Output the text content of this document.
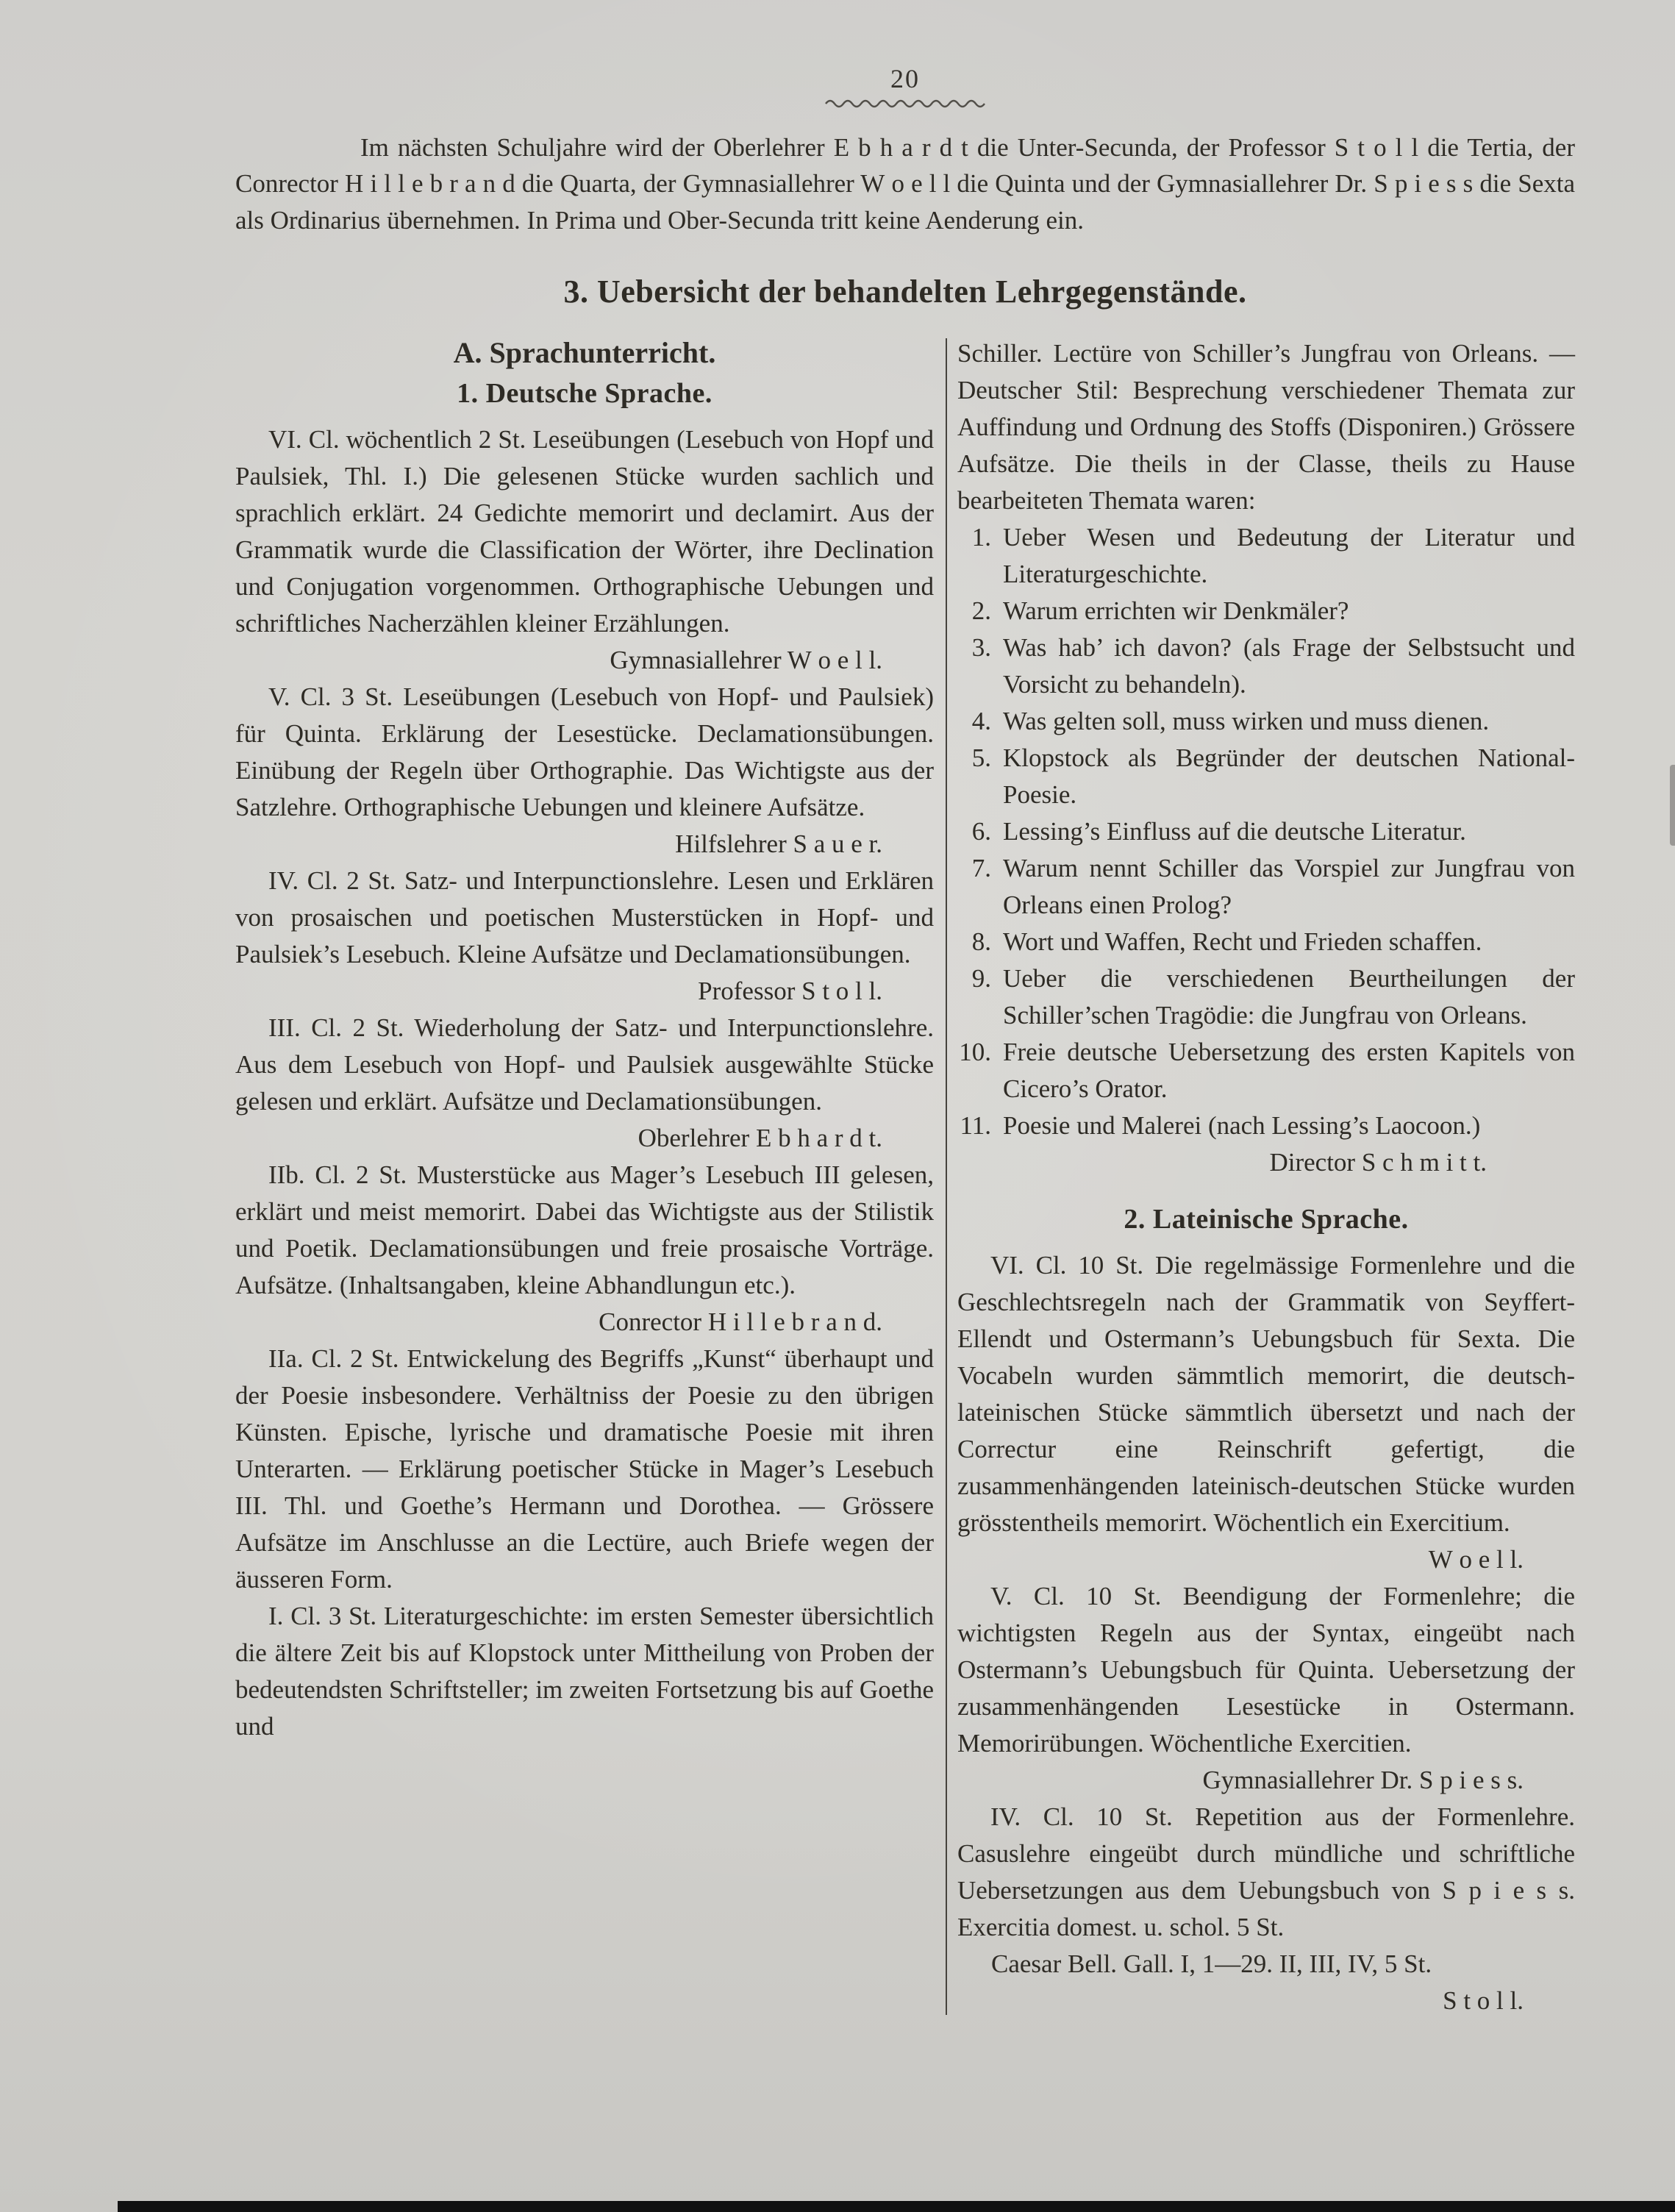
20

Im nächsten Schuljahre wird der Oberlehrer E b h a r d t die Unter-Secunda, der Professor S t o l l die Tertia, der Conrector H i l l e b r a n d die Quarta, der Gymnasiallehrer W o e l l die Quinta und der Gymnasiallehrer Dr. S p i e s s die Sexta als Ordinarius übernehmen. In Prima und Ober-Secunda tritt keine Aenderung ein.

3. Uebersicht der behandelten Lehrgegenstände.
A. Sprachunterricht.
1. Deutsche Sprache.

VI. Cl. wöchentlich 2 St. Leseübungen (Lesebuch von Hopf und Paulsiek, Thl. I.) Die gelesenen Stücke wurden sachlich und sprachlich erklärt. 24 Gedichte memorirt und declamirt. Aus der Grammatik wurde die Classification der Wörter, ihre Declination und Conjugation vorgenommen. Orthographische Uebungen und schriftliches Nacherzählen kleiner Erzählungen.

Gymnasiallehrer W o e l l.

V. Cl. 3 St. Leseübungen (Lesebuch von Hopf- und Paulsiek) für Quinta. Erklärung der Lesestücke. Declamationsübungen. Einübung der Regeln über Orthographie. Das Wichtigste aus der Satzlehre. Orthographische Uebungen und kleinere Aufsätze.

Hilfslehrer S a u e r.

IV. Cl. 2 St. Satz- und Interpunctionslehre. Lesen und Erklären von prosaischen und poetischen Musterstücken in Hopf- und Paulsiek’s Lesebuch. Kleine Aufsätze und Declamationsübungen.

Professor S t o l l.

III. Cl. 2 St. Wiederholung der Satz- und Interpunctionslehre. Aus dem Lesebuch von Hopf- und Paulsiek ausgewählte Stücke gelesen und erklärt. Aufsätze und Declamationsübungen.

Oberlehrer E b h a r d t.

IIb. Cl. 2 St. Musterstücke aus Mager’s Lesebuch III gelesen, erklärt und meist memorirt. Dabei das Wichtigste aus der Stilistik und Poetik. Declamationsübungen und freie prosaische Vorträge. Aufsätze. (Inhaltsangaben, kleine Abhandlungun etc.).

Conrector H i l l e b r a n d.

IIa. Cl. 2 St. Entwickelung des Begriffs „Kunst“ überhaupt und der Poesie insbesondere. Verhältniss der Poesie zu den übrigen Künsten. Epische, lyrische und dramatische Poesie mit ihren Unterarten. — Erklärung poetischer Stücke in Mager’s Lesebuch III. Thl. und Goethe’s Hermann und Dorothea. — Grössere Aufsätze im Anschlusse an die Lectüre, auch Briefe wegen der äusseren Form.

I. Cl. 3 St. Literaturgeschichte: im ersten Semester übersichtlich die ältere Zeit bis auf Klopstock unter Mittheilung von Proben der bedeutendsten Schriftsteller; im zweiten Fortsetzung bis auf Goethe und

Schiller. Lectüre von Schiller’s Jungfrau von Orleans. — Deutscher Stil: Besprechung verschiedener Themata zur Auffindung und Ordnung des Stoffs (Disponiren.) Grössere Aufsätze. Die theils in der Classe, theils zu Hause bearbeiteten Themata waren:

1. Ueber Wesen und Bedeutung der Literatur und Literaturgeschichte.
2. Warum errichten wir Denkmäler?
3. Was hab’ ich davon? (als Frage der Selbstsucht und Vorsicht zu behandeln).
4. Was gelten soll, muss wirken und muss dienen.
5. Klopstock als Begründer der deutschen National-Poesie.
6. Lessing’s Einfluss auf die deutsche Literatur.
7. Warum nennt Schiller das Vorspiel zur Jungfrau von Orleans einen Prolog?
8. Wort und Waffen, Recht und Frieden schaffen.
9. Ueber die verschiedenen Beurtheilungen der Schiller’schen Tragödie: die Jungfrau von Orleans.
10. Freie deutsche Uebersetzung des ersten Kapitels von Cicero’s Orator.
11. Poesie und Malerei (nach Lessing’s Laocoon.)

Director S c h m i t t.

2. Lateinische Sprache.

VI. Cl. 10 St. Die regelmässige Formenlehre und die Geschlechtsregeln nach der Grammatik von Seyffert-Ellendt und Ostermann’s Uebungsbuch für Sexta. Die Vocabeln wurden sämmtlich memorirt, die deutsch-lateinischen Stücke sämmtlich übersetzt und nach der Correctur eine Reinschrift gefertigt, die zusammenhängenden lateinisch-deutschen Stücke wurden grösstentheils memorirt. Wöchentlich ein Exercitium.

W o e l l.

V. Cl. 10 St. Beendigung der Formenlehre; die wichtigsten Regeln aus der Syntax, eingeübt nach Ostermann’s Uebungsbuch für Quinta. Uebersetzung der zusammenhängenden Lesestücke in Ostermann. Memorirübungen. Wöchentliche Exercitien.

Gymnasiallehrer Dr. S p i e s s.

IV. Cl. 10 St. Repetition aus der Formenlehre. Casuslehre eingeübt durch mündliche und schriftliche Uebersetzungen aus dem Uebungsbuch von S p i e s s. Exercitia domest. u. schol. 5 St.

Caesar Bell. Gall. I, 1—29. II, III, IV, 5 St.

S t o l l.
